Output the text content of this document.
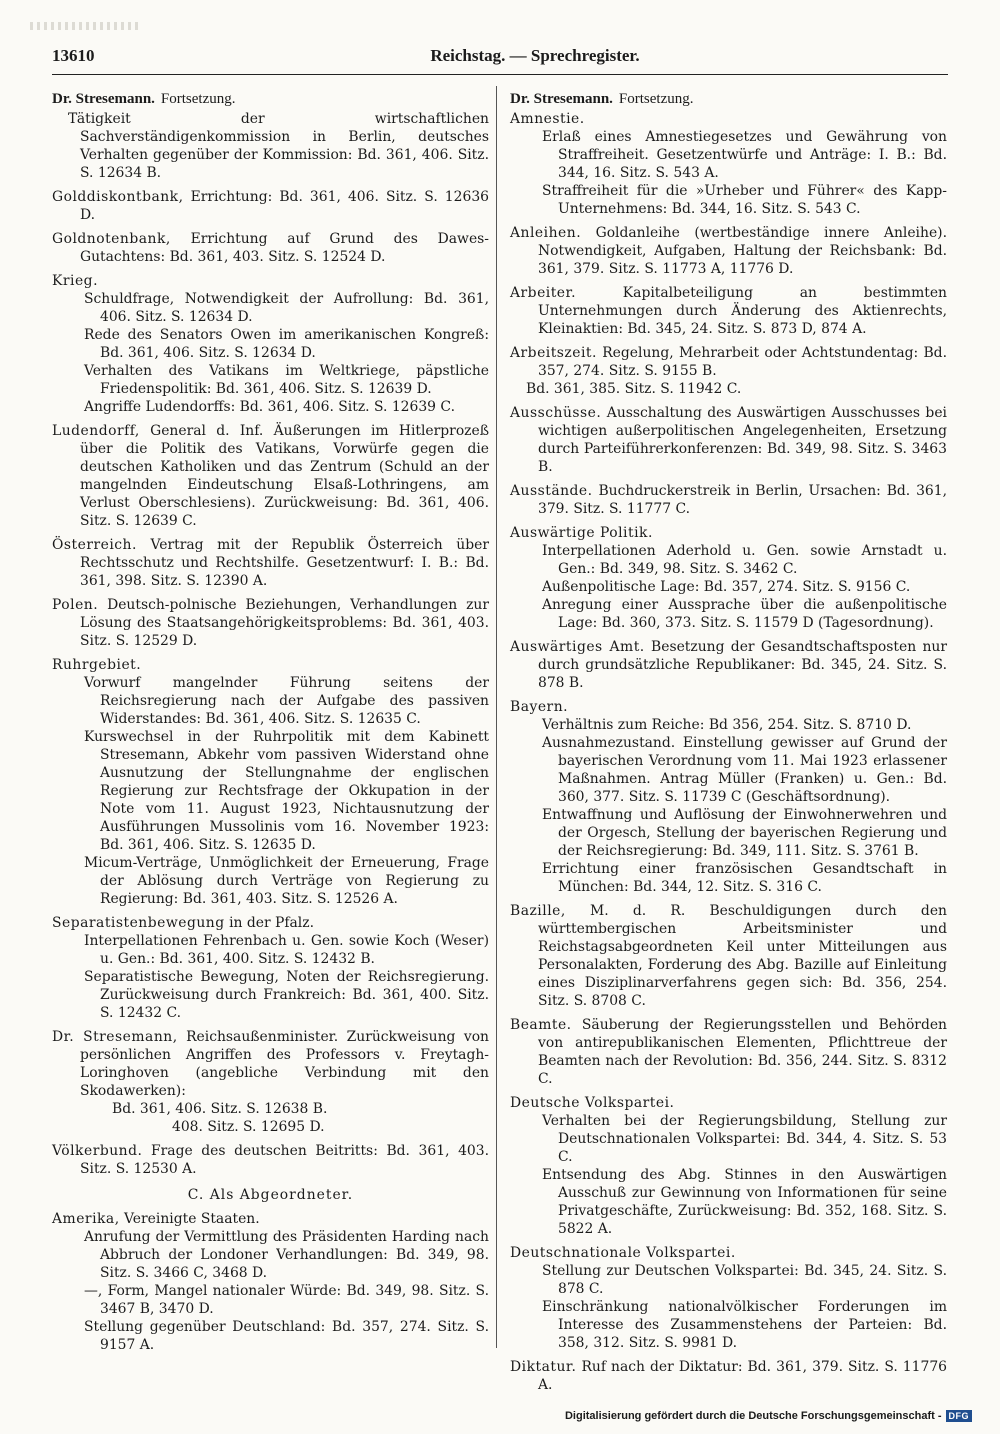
13610	Reichstag. — Sprechregister.
Dr. Stresemann. Fortsetzung.

Tätigkeit der wirtschaftlichen Sachverständigenkommission in Berlin, deutsches Verhalten gegenüber der Kommission: Bd. 361, 406. Sitz. S. 12634 B.

Golddiskontbank, Errichtung: Bd. 361, 406. Sitz. S. 12636 D.

Goldnotenbank, Errichtung auf Grund des Dawes-Gutachtens: Bd. 361, 403. Sitz. S. 12524 D.

Krieg.

Schuldfrage, Notwendigkeit der Aufrollung: Bd. 361, 406. Sitz. S. 12634 D.

Rede des Senators Owen im amerikanischen Kongreß: Bd. 361, 406. Sitz. S. 12634 D.

Verhalten des Vatikans im Weltkriege, päpstliche Friedenspolitik: Bd. 361, 406. Sitz. S. 12639 D.

Angriffe Ludendorffs: Bd. 361, 406. Sitz. S. 12639 C.

Ludendorff, General d. Inf. Äußerungen im Hitlerprozeß über die Politik des Vatikans, Vorwürfe gegen die deutschen Katholiken und das Zentrum (Schuld an der mangelnden Eindeutschung Elsaß-Lothringens, am Verlust Oberschlesiens). Zurückweisung: Bd. 361, 406. Sitz. S. 12639 C.

Österreich. Vertrag mit der Republik Österreich über Rechtsschutz und Rechtshilfe. Gesetzentwurf: I. B.: Bd. 361, 398. Sitz. S. 12390 A.

Polen. Deutsch-polnische Beziehungen, Verhandlungen zur Lösung des Staatsangehörigkeitsproblems: Bd. 361, 403. Sitz. S. 12529 D.

Ruhrgebiet.

Vorwurf mangelnder Führung seitens der Reichsregierung nach der Aufgabe des passiven Widerstandes: Bd. 361, 406. Sitz. S. 12635 C.

Kurswechsel in der Ruhrpolitik mit dem Kabinett Stresemann, Abkehr vom passiven Widerstand ohne Ausnutzung der Stellungnahme der englischen Regierung zur Rechtsfrage der Okkupation in der Note vom 11. August 1923, Nichtausnutzung der Ausführungen Mussolinis vom 16. November 1923: Bd. 361, 406. Sitz. S. 12635 D.

Micum-Verträge, Unmöglichkeit der Erneuerung, Frage der Ablösung durch Verträge von Regierung zu Regierung: Bd. 361, 403. Sitz. S. 12526 A.

Separatistenbewegung in der Pfalz.

Interpellationen Fehrenbach u. Gen. sowie Koch (Weser) u. Gen.: Bd. 361, 400. Sitz. S. 12432 B.

Separatistische Bewegung, Noten der Reichsregierung. Zurückweisung durch Frankreich: Bd. 361, 400. Sitz. S. 12432 C.

Dr. Stresemann, Reichsaußenminister. Zurückweisung von persönlichen Angriffen des Professors v. Freytagh-Loringhoven (angebliche Verbindung mit den Skodawerken):

Bd. 361, 406. Sitz. S. 12638 B.

408. Sitz. S. 12695 D.

Völkerbund. Frage des deutschen Beitritts: Bd. 361, 403. Sitz. S. 12530 A.

C. Als Abgeordneter.

Amerika, Vereinigte Staaten.

Anrufung der Vermittlung des Präsidenten Harding nach Abbruch der Londoner Verhandlungen: Bd. 349, 98. Sitz. S. 3466 C, 3468 D.

—, Form, Mangel nationaler Würde: Bd. 349, 98. Sitz. S. 3467 B, 3470 D.

Stellung gegenüber Deutschland: Bd. 357, 274. Sitz. S. 9157 A.

Dr. Stresemann. Fortsetzung.

Amnestie.

Erlaß eines Amnestiegesetzes und Gewährung von Straffreiheit. Gesetzentwürfe und Anträge: I. B.: Bd. 344, 16. Sitz. S. 543 A.

Straffreiheit für die »Urheber und Führer« des Kapp-Unternehmens: Bd. 344, 16. Sitz. S. 543 C.

Anleihen. Goldanleihe (wertbeständige innere Anleihe). Notwendigkeit, Aufgaben, Haltung der Reichsbank: Bd. 361, 379. Sitz. S. 11773 A, 11776 D.

Arbeiter.	Kapitalbeteiligung an bestimmten Unternehmungen durch Änderung des Aktienrechts, Kleinaktien: Bd. 345, 24. Sitz. S. 873 D, 874 A.

Arbeitszeit. Regelung, Mehrarbeit oder Achtstundentag: Bd. 357, 274. Sitz. S. 9155 B.

Bd. 361, 385. Sitz. S. 11942 C.

Ausschüsse. Ausschaltung des Auswärtigen Ausschusses bei wichtigen außerpolitischen Angelegenheiten, Ersetzung durch Parteiführerkonferenzen: Bd. 349, 98. Sitz. S. 3463 B.

Ausstände. Buchdruckerstreik in Berlin, Ursachen: Bd. 361, 379. Sitz. S. 11777 C.

Auswärtige Politik.

Interpellationen Aderhold u. Gen. sowie Arnstadt u. Gen.: Bd. 349, 98. Sitz. S. 3462 C.

Außenpolitische Lage: Bd. 357, 274. Sitz. S. 9156 C.

Anregung einer Aussprache über die außenpolitische Lage: Bd. 360, 373. Sitz. S. 11579 D (Tagesordnung).

Auswärtiges Amt. Besetzung der Gesandtschaftsposten nur durch grundsätzliche Republikaner: Bd. 345, 24. Sitz. S. 878 B.

Bayern.

Verhältnis zum Reiche: Bd 356, 254. Sitz. S. 8710 D.

Ausnahmezustand. Einstellung gewisser auf Grund der bayerischen Verordnung vom 11. Mai 1923 erlassener Maßnahmen. Antrag Müller (Franken) u. Gen.: Bd. 360, 377. Sitz. S. 11739 C (Geschäftsordnung).

Entwaffnung und Auflösung der Einwohnerwehren und der Orgesch, Stellung der bayerischen Regierung und der Reichsregierung: Bd. 349, 111. Sitz. S. 3761 B.

Errichtung einer französischen Gesandtschaft in München: Bd. 344, 12. Sitz. S. 316 C.

Bazille, M. d. R. Beschuldigungen durch den württembergischen Arbeitsminister und Reichstagsabgeordneten Keil unter Mitteilungen aus Personalakten, Forderung des Abg. Bazille auf Einleitung eines Disziplinarverfahrens gegen sich: Bd. 356, 254. Sitz. S. 8708 C.

Beamte. Säuberung der Regierungsstellen und Behörden von antirepublikanischen Elementen, Pflichttreue der Beamten nach der Revolution: Bd. 356, 244. Sitz. S. 8312 C.

Deutsche Volkspartei.

Verhalten bei der Regierungsbildung, Stellung zur Deutschnationalen Volkspartei: Bd. 344, 4. Sitz. S. 53 C.

Entsendung des Abg. Stinnes in den Auswärtigen Ausschuß zur Gewinnung von Informationen für seine Privatgeschäfte, Zurückweisung: Bd. 352, 168. Sitz. S. 5822 A.

Deutschnationale Volkspartei.

Stellung zur Deutschen Volkspartei: Bd. 345, 24. Sitz. S. 878 C.

Einschränkung nationalvölkischer Forderungen im Interesse des Zusammenstehens der Parteien: Bd. 358, 312. Sitz. S. 9981 D.

Diktatur. Ruf nach der Diktatur: Bd. 361, 379. Sitz. S. 11776 A.

Digitalisierung gefördert durch die Deutsche Forschungsgemeinschaft - DFG
